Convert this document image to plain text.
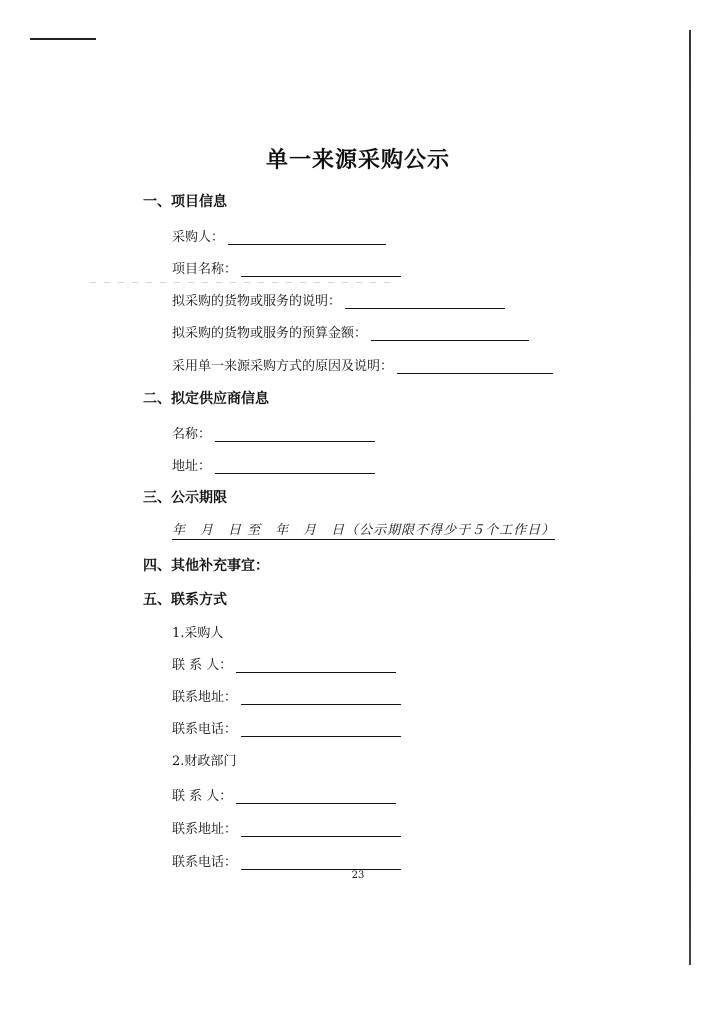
单一来源采购公示
一、项目信息
采购人：
项目名称：
拟采购的货物或服务的说明：
拟采购的货物或服务的预算金额：
采用单一来源采购方式的原因及说明：
二、拟定供应商信息
名称：
地址：
三、公示期限
年　月　日 至　年　月　日（公示期限不得少于５个工作日）
四、其他补充事宜：
五、联系方式
1.采购人
联 系 人：
联系地址：
联系电话：
2.财政部门
联 系 人：
联系地址：
联系电话：
23
